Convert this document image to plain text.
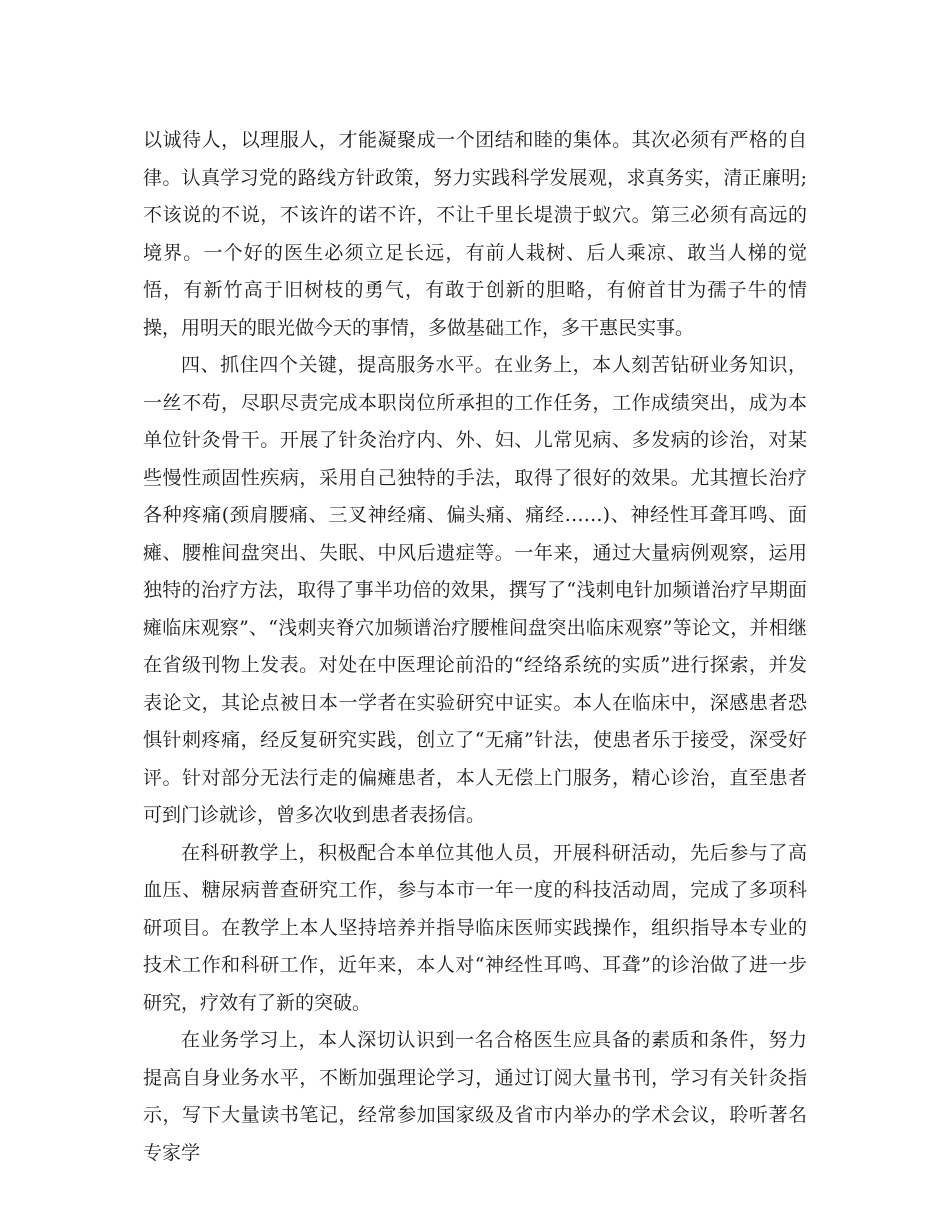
以诚待人，以理服人，才能凝聚成一个团结和睦的集体。其次必须有严格的自律。认真学习党的路线方针政策，努力实践科学发展观，求真务实，清正廉明;不该说的不说，不该许的诺不许，不让千里长堤溃于蚁穴。第三必须有高远的境界。一个好的医生必须立足长远，有前人栽树、后人乘凉、敢当人梯的觉悟，有新竹高于旧树枝的勇气，有敢于创新的胆略，有俯首甘为孺子牛的情操，用明天的眼光做今天的事情，多做基础工作，多干惠民实事。

四、抓住四个关键，提高服务水平。在业务上，本人刻苦钻研业务知识，一丝不苟，尽职尽责完成本职岗位所承担的工作任务，工作成绩突出，成为本单位针灸骨干。开展了针灸治疗内、外、妇、儿常见病、多发病的诊治，对某些慢性顽固性疾病，采用自己独特的手法，取得了很好的效果。尤其擅长治疗各种疼痛(颈肩腰痛、三叉神经痛、偏头痛、痛经……)、神经性耳聋耳鸣、面瘫、腰椎间盘突出、失眠、中风后遗症等。一年来，通过大量病例观察，运用独特的治疗方法，取得了事半功倍的效果，撰写了“浅刺电针加频谱治疗早期面瘫临床观察”、“浅刺夹脊穴加频谱治疗腰椎间盘突出临床观察”等论文，并相继在省级刊物上发表。对处在中医理论前沿的“经络系统的实质”进行探索，并发表论文，其论点被日本一学者在实验研究中证实。本人在临床中，深感患者恐惧针刺疼痛，经反复研究实践，创立了“无痛”针法，使患者乐于接受，深受好评。针对部分无法行走的偏瘫患者，本人无偿上门服务，精心诊治，直至患者可到门诊就诊，曾多次收到患者表扬信。

在科研教学上，积极配合本单位其他人员，开展科研活动，先后参与了高血压、糖尿病普查研究工作，参与本市一年一度的科技活动周，完成了多项科研项目。在教学上本人坚持培养并指导临床医师实践操作，组织指导本专业的技术工作和科研工作，近年来，本人对“神经性耳鸣、耳聋”的诊治做了进一步研究，疗效有了新的突破。

在业务学习上，本人深切认识到一名合格医生应具备的素质和条件，努力提高自身业务水平，不断加强理论学习，通过订阅大量书刊，学习有关针灸指示，写下大量读书笔记，经常参加国家级及省市内举办的学术会议，聆听著名专家学
